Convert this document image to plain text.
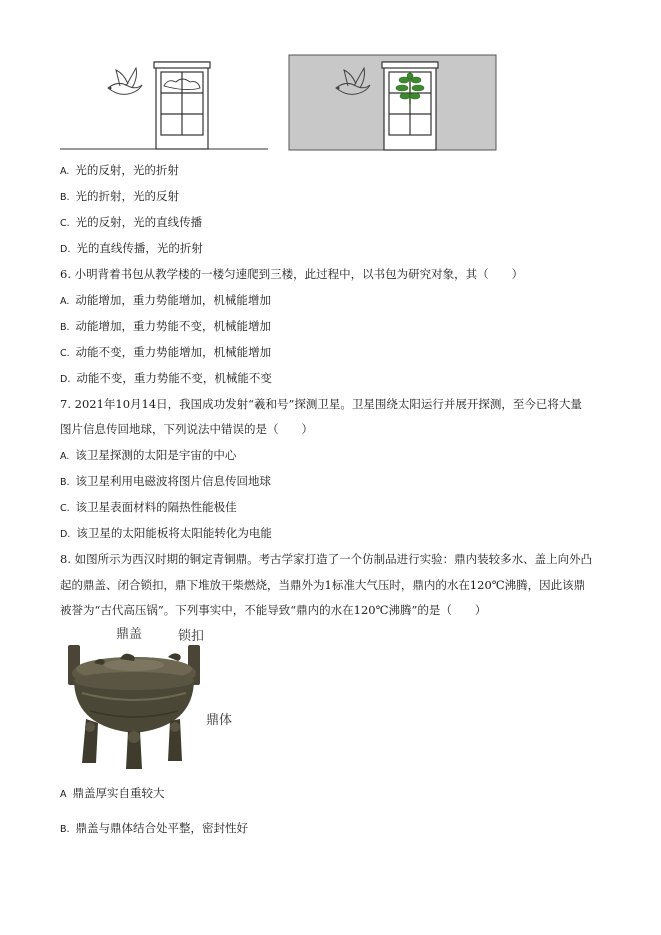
A. 光的反射，光的折射
B. 光的折射，光的反射
C. 光的反射，光的直线传播
D. 光的直线传播，光的折射
6. 小明背着书包从教学楼的一楼匀速爬到三楼，此过程中，以书包为研究对象，其（　　）
A. 动能增加，重力势能增加，机械能增加
B. 动能增加，重力势能不变，机械能增加
C. 动能不变，重力势能增加，机械能增加
D. 动能不变，重力势能不变，机械能不变
7. 2021年10月14日，我国成功发射“羲和号”探测卫星。卫星围绕太阳运行并展开探测，至今已将大量
图片信息传回地球，下列说法中错误的是（　　）
A. 该卫星探测的太阳是宇宙的中心
B. 该卫星利用电磁波将图片信息传回地球
C. 该卫星表面材料的隔热性能极佳
D. 该卫星的太阳能板将太阳能转化为电能
8. 如图所示为西汉时期的铜定青铜鼎。考古学家打造了一个仿制品进行实验：鼎内装较多水、盖上向外凸
起的鼎盖、闭合锁扣，鼎下堆放干柴燃烧，当鼎外为1标准大气压时，鼎内的水在120℃沸腾，因此该鼎
被誉为“古代高压锅”。下列事实中，不能导致“鼎内的水在120℃沸腾”的是（　　）
鼎盖	锁扣
鼎体
A 鼎盖厚实自重较大
B. 鼎盖与鼎体结合处平整，密封性好
